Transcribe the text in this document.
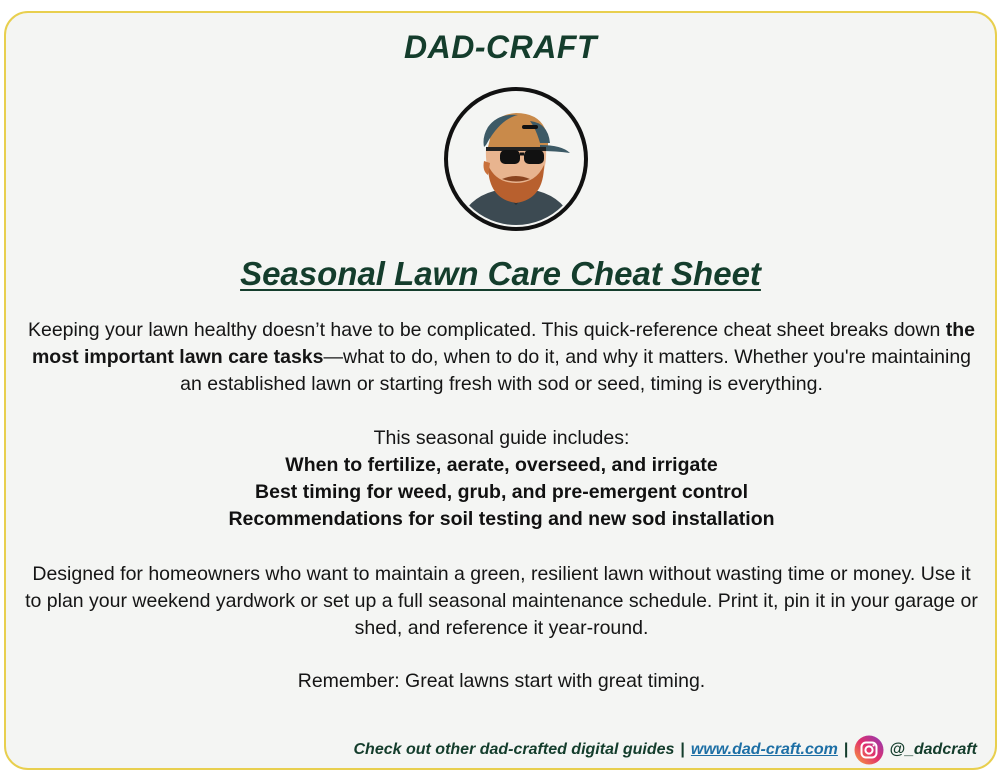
DAD-CRAFT
Seasonal Lawn Care Cheat Sheet

Keeping your lawn healthy doesn’t have to be complicated. This quick-reference cheat sheet breaks down the most important lawn care tasks—what to do, when to do it, and why it matters. Whether you're maintaining an established lawn or starting fresh with sod or seed, timing is everything.

This seasonal guide includes:

When to fertilize, aerate, overseed, and irrigate
Best timing for weed, grub, and pre-emergent control
Recommendations for soil testing and new sod installation

Designed for homeowners who want to maintain a green, resilient lawn without wasting time or money. Use it to plan your weekend yardwork or set up a full seasonal maintenance schedule. Print it, pin it in your garage or shed, and reference it year-round.

Remember: Great lawns start with great timing.

Check out other dad-crafted digital guides | www.dad-craft.com |	@_dadcraft
